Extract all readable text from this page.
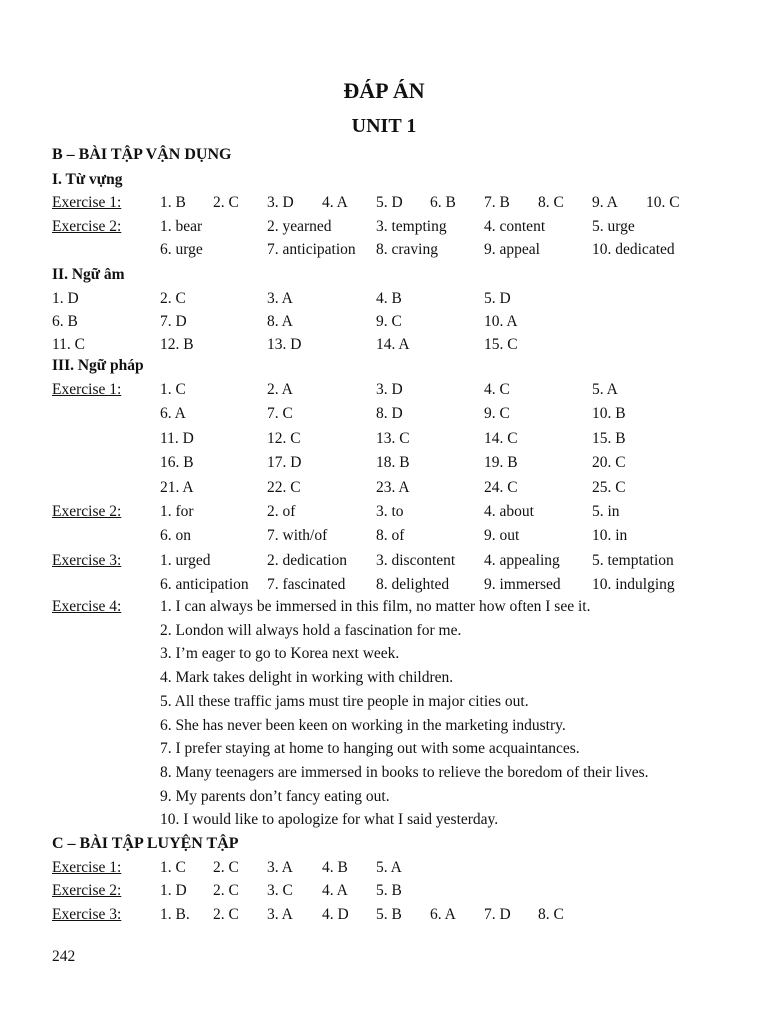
ĐÁP ÁN
UNIT 1
B – BÀI TẬP VẬN DỤNG
I. Từ vựng
Exercise 1: 1. B 2. C 3. D 4. A 5. D 6. B 7. B 8. C 9. A 10. C
Exercise 2: 1. bear	2. yearned	3. tempting 4. content	5. urge
6. urge	7. anticipation 8. craving	9. appeal	10. dedicated
II. Ngữ âm
1. D	2. C	3. A	4. B	5. D
6. B	7. D	8. A	9. C	10. A
11. C	12. B	13. D	14. A	15. C
III. Ngữ pháp
Exercise 1: 1. C	2. A	3. D	4. C	5. A
6. A	7. C	8. D	9. C	10. B
11. D	12. C	13. C	14. C	15. B
16. B	17. D	18. B	19. B	20. C
21. A	22. C	23. A	24. C	25. C
Exercise 2: 1. for	2. of	3. to	4. about	5. in
6. on	7. with/of	8. of	9. out	10. in
Exercise 3: 1. urged	2. dedication 3. discontent 4. appealing 5. temptation
6. anticipation 7. fascinated 8. delighted 9. immersed 10. indulging
Exercise 4: 1. I can always be immersed in this film, no matter how often I see it.
2. London will always hold a fascination for me.
3. I’m eager to go to Korea next week.
4. Mark takes delight in working with children.
5. All these traffic jams must tire people in major cities out.
6. She has never been keen on working in the marketing industry.
7. I prefer staying at home to hanging out with some acquaintances.
8. Many teenagers are immersed in books to relieve the boredom of their lives.
9. My parents don’t fancy eating out.
10. I would like to apologize for what I said yesterday.
C – BÀI TẬP LUYỆN TẬP
Exercise 1: 1. C 2. C 3. A 4. B 5. A
Exercise 2: 1. D 2. C 3. C 4. A 5. B
Exercise 3: 1. B. 2. C 3. A 4. D 5. B 6. A 7. D 8. C
242
